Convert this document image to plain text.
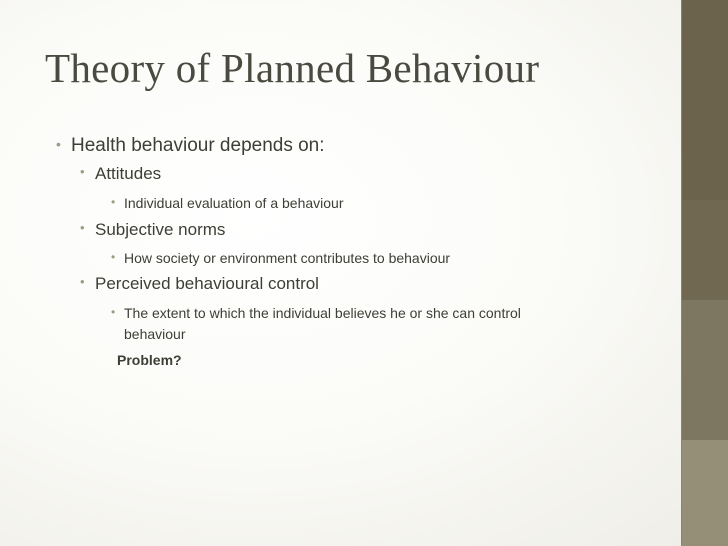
Theory of Planned Behaviour
• Health behaviour depends on:
• Attitudes
• Individual evaluation of a behaviour
• Subjective norms
• How society or environment contributes to behaviour
• Perceived behavioural control
• The extent to which the individual believes he or she can control
behaviour
Problem?
